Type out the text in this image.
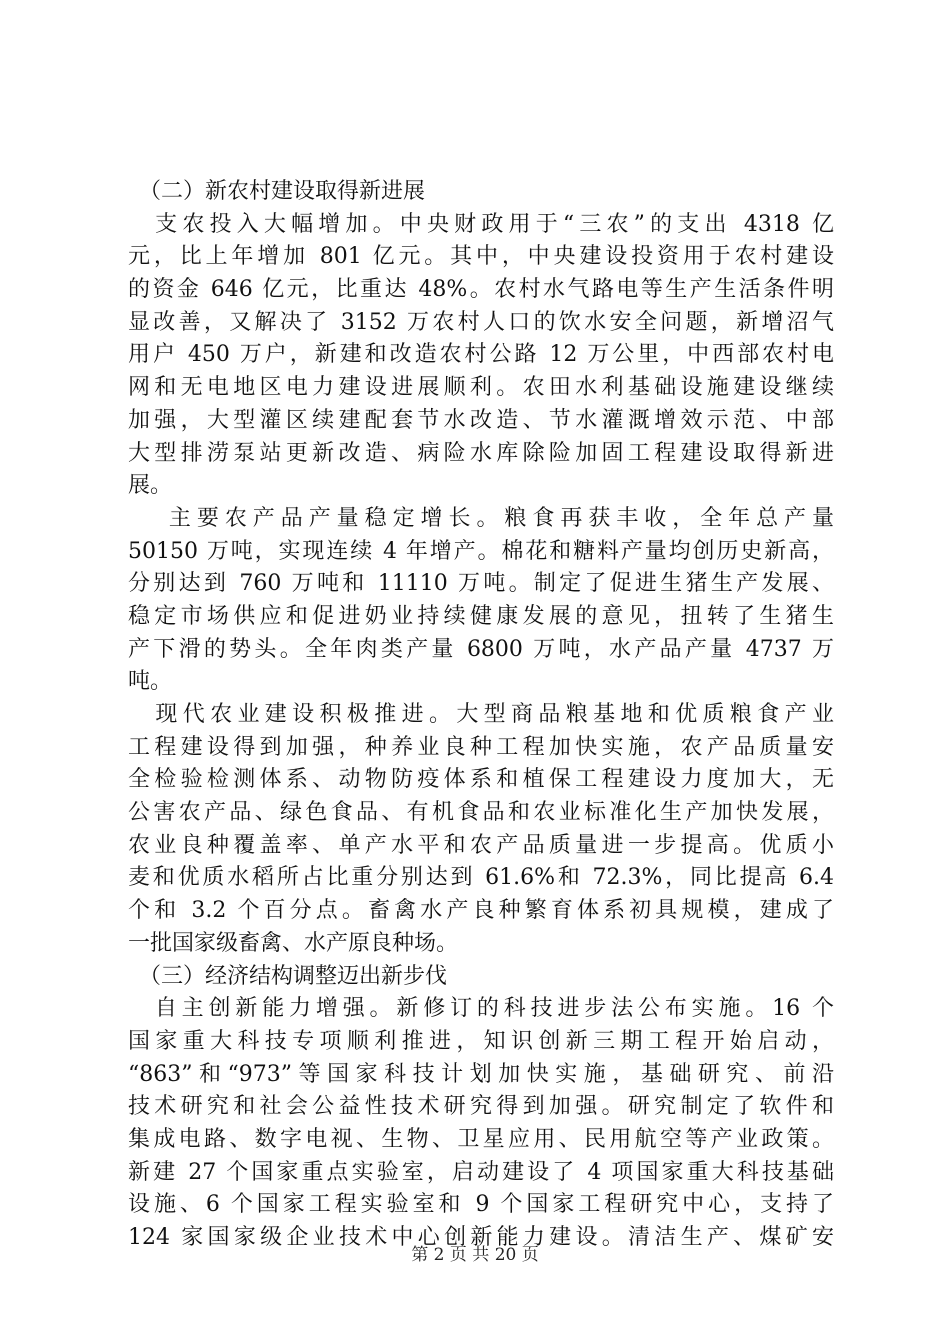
　（二）新农村建设取得新进展
　支农投入大幅增加。中央财政用于“三农”的支出 4318 亿
元，比上年增加 801 亿元。其中，中央建设投资用于农村建设
的资金 646 亿元，比重达 48%。农村水气路电等生产生活条件明
显改善，又解决了 3152 万农村人口的饮水安全问题，新增沼气
用户 450 万户，新建和改造农村公路 12 万公里，中西部农村电
网和无电地区电力建设进展顺利。农田水利基础设施建设继续
加强，大型灌区续建配套节水改造、节水灌溉增效示范、中部
大型排涝泵站更新改造、病险水库除险加固工程建设取得新进
展。
　 主要农产品产量稳定增长。粮食再获丰收，全年总产量
50150 万吨，实现连续 4 年增产。棉花和糖料产量均创历史新高，
分别达到 760 万吨和 11110 万吨。制定了促进生猪生产发展、
稳定市场供应和促进奶业持续健康发展的意见，扭转了生猪生
产下滑的势头。全年肉类产量 6800 万吨，水产品产量 4737 万
吨。
　现代农业建设积极推进。大型商品粮基地和优质粮食产业
工程建设得到加强，种养业良种工程加快实施，农产品质量安
全检验检测体系、动物防疫体系和植保工程建设力度加大，无
公害农产品、绿色食品、有机食品和农业标准化生产加快发展，
农业良种覆盖率、单产水平和农产品质量进一步提高。优质小
麦和优质水稻所占比重分别达到 61.6%和 72.3%，同比提高 6.4
个和 3.2 个百分点。畜禽水产良种繁育体系初具规模，建成了
一批国家级畜禽、水产原良种场。
　（三）经济结构调整迈出新步伐
　自主创新能力增强。新修订的科技进步法公布实施。16 个
国家重大科技专项顺利推进，知识创新三期工程开始启动，
“863”和“973”等国家科技计划加快实施，基础研究、前沿
技术研究和社会公益性技术研究得到加强。研究制定了软件和
集成电路、数字电视、生物、卫星应用、民用航空等产业政策。
新建 27 个国家重点实验室，启动建设了 4 项国家重大科技基础
设施、6 个国家工程实验室和 9 个国家工程研究中心，支持了
124 家国家级企业技术中心创新能力建设。清洁生产、煤矿安
第 2 页 共 20 页
